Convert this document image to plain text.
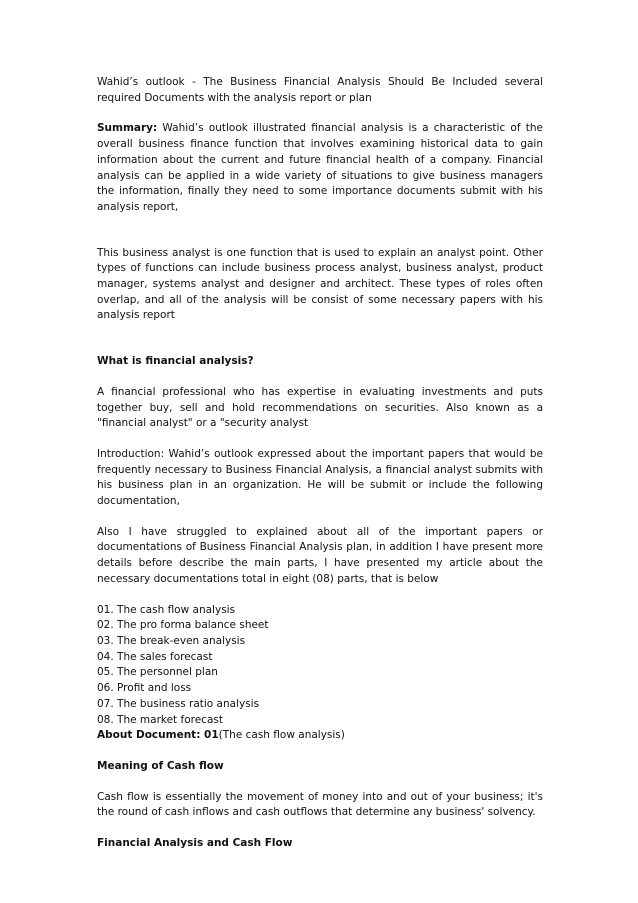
Wahid’s outlook - The Business Financial Analysis Should Be Included several required Documents with the analysis report or plan

Summary: Wahid’s outlook illustrated financial analysis is a characteristic of the overall business finance function that involves examining historical data to gain information about the current and future financial health of a company. Financial analysis can be applied in a wide variety of situations to give business managers the information, finally they need to some importance documents submit with his analysis report,

This business analyst is one function that is used to explain an analyst point. Other types of functions can include business process analyst, business analyst, product manager, systems analyst and designer and architect. These types of roles often overlap, and all of the analysis will be consist of some necessary papers with his analysis report

What is financial analysis?

A financial professional who has expertise in evaluating investments and puts together buy, sell and hold recommendations on securities. Also known as a "financial analyst" or a "security analyst

Introduction: Wahid’s outlook expressed about the important papers that would be frequently necessary to Business Financial Analysis, a financial analyst submits with his business plan in an organization. He will be submit or include the following documentation,

Also I have struggled to explained about all of the important papers or documentations of Business Financial Analysis plan, in addition I have present more details before describe the main parts, I have presented my article about the necessary documentations total in eight (08) parts, that is below

01. The cash flow analysis
02. The pro forma balance sheet
03. The break-even analysis
04. The sales forecast
05. The personnel plan
06. Profit and loss
07. The business ratio analysis
08. The market forecast

About Document: 01(The cash flow analysis)

Meaning of Cash flow

Cash flow is essentially the movement of money into and out of your business; it's the round of cash inflows and cash outflows that determine any business' solvency.

Financial Analysis and Cash Flow
